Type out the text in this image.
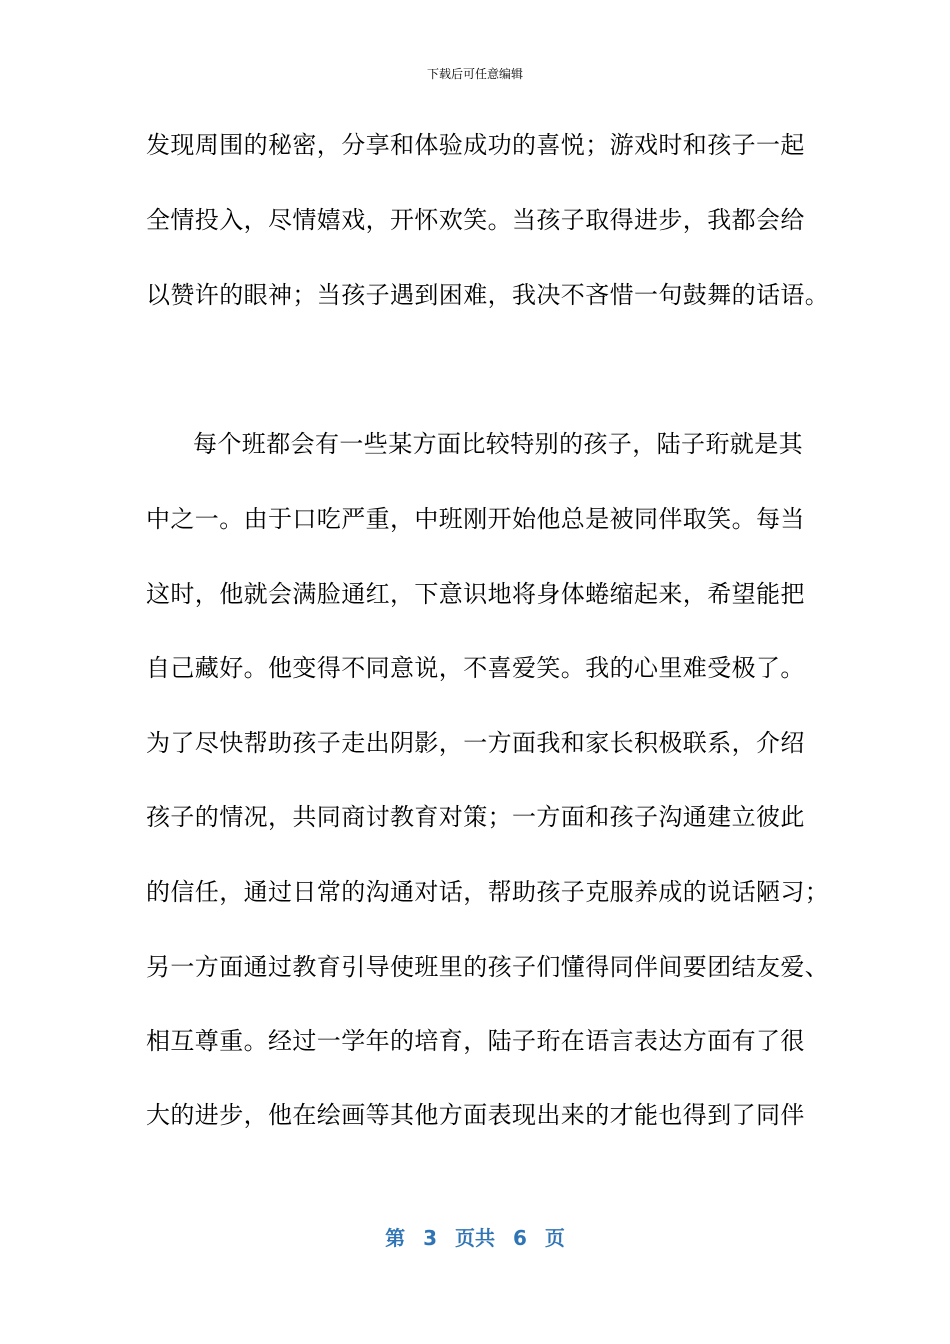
下载后可任意编辑
发现周围的秘密，分享和体验成功的喜悦；游戏时和孩子一起
全情投入，尽情嬉戏，开怀欢笑。当孩子取得进步，我都会给
以赞许的眼神；当孩子遇到困难，我决不吝惜一句鼓舞的话语。
每个班都会有一些某方面比较特别的孩子，陆子珩就是其
中之一。由于口吃严重，中班刚开始他总是被同伴取笑。每当
这时，他就会满脸通红，下意识地将身体蜷缩起来，希望能把
自己藏好。他变得不同意说，不喜爱笑。我的心里难受极了。
为了尽快帮助孩子走出阴影，一方面我和家长积极联系，介绍
孩子的情况，共同商讨教育对策；一方面和孩子沟通建立彼此
的信任，通过日常的沟通对话，帮助孩子克服养成的说话陋习；
另一方面通过教育引导使班里的孩子们懂得同伴间要团结友爱、
相互尊重。经过一学年的培育，陆子珩在语言表达方面有了很
大的进步，他在绘画等其他方面表现出来的才能也得到了同伴
第 3 页共 6 页
